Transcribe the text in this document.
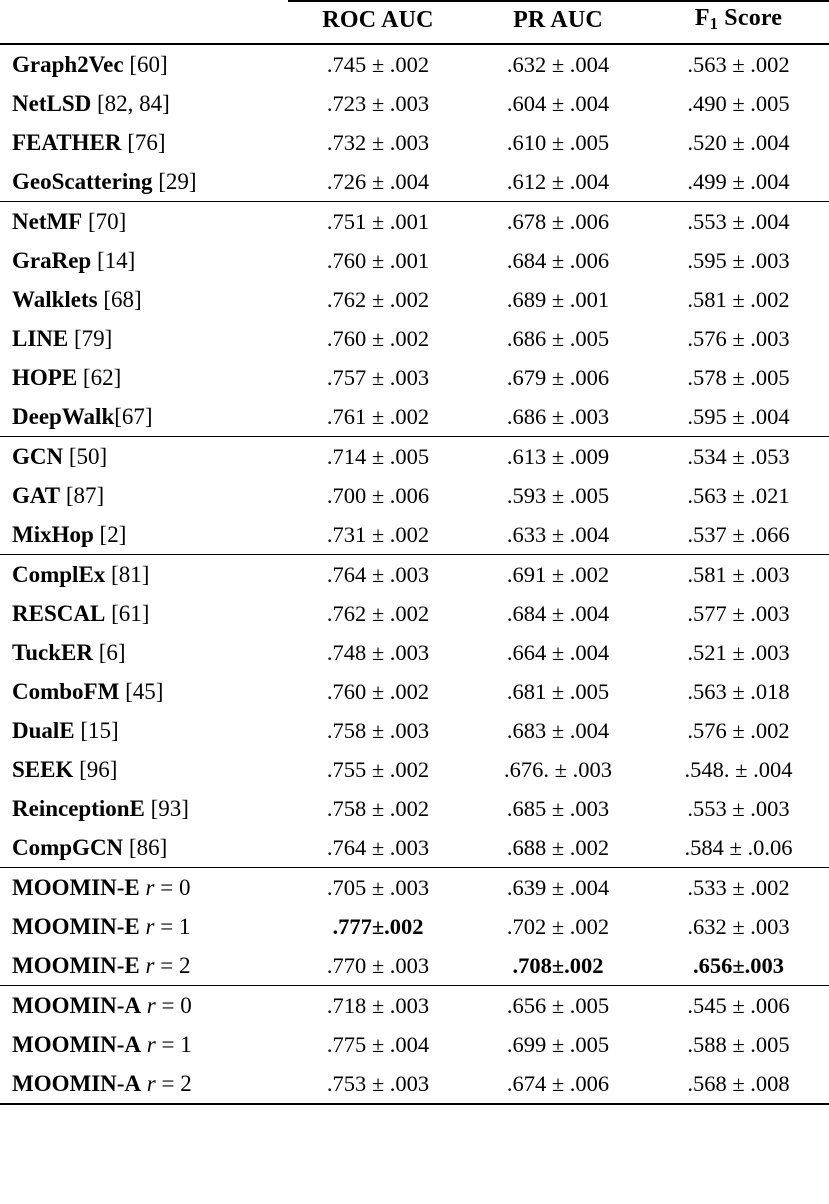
	ROC AUC	PR AUC	$F_1$ Score

Graph2Vec [60]	.745 ± .002	.632 ± .004	.563 ± .002
NetLSD [82, 84]	.723 ± .003	.604 ± .004	.490 ± .005
FEATHER [76]	.732 ± .003	.610 ± .005	.520 ± .004
GeoScattering [29]	.726 ± .004	.612 ± .004	.499 ± .004

NetMF [70]	.751 ± .001	.678 ± .006	.553 ± .004
GraRep [14]	.760 ± .001	.684 ± .006	.595 ± .003
Walklets [68]	.762 ± .002	.689 ± .001	.581 ± .002
LINE [79]	.760 ± .002	.686 ± .005	.576 ± .003
HOPE [62]	.757 ± .003	.679 ± .006	.578 ± .005
DeepWalk[67]	.761 ± .002	.686 ± .003	.595 ± .004

GCN [50]	.714 ± .005	.613 ± .009	.534 ± .053
GAT [87]	.700 ± .006	.593 ± .005	.563 ± .021
MixHop [2]	.731 ± .002	.633 ± .004	.537 ± .066

ComplEx [81]	.764 ± .003	.691 ± .002	.581 ± .003
RESCAL [61]	.762 ± .002	.684 ± .004	.577 ± .003
TuckER [6]	.748 ± .003	.664 ± .004	.521 ± .003
ComboFM [45]	.760 ± .002	.681 ± .005	.563 ± .018
DualE [15]	.758 ± .003	.683 ± .004	.576 ± .002
SEEK [96]	.755 ± .002	.676. ± .003	.548. ± .004
ReinceptionE [93]	.758 ± .002	.685 ± .003	.553 ± .003
CompGCN [86]	.764 ± .003	.688 ± .002	.584 ± .0.06

MOOMIN-E r = 0	.705 ± .003	.639 ± .004	.533 ± .002
MOOMIN-E r = 1	.777±.002	.702 ± .002	.632 ± .003
MOOMIN-E r = 2	.770 ± .003	.708±.002	.656±.003

MOOMIN-A r = 0	.718 ± .003	.656 ± .005	.545 ± .006
MOOMIN-A r = 1	.775 ± .004	.699 ± .005	.588 ± .005
MOOMIN-A r = 2	.753 ± .003	.674 ± .006	.568 ± .008
